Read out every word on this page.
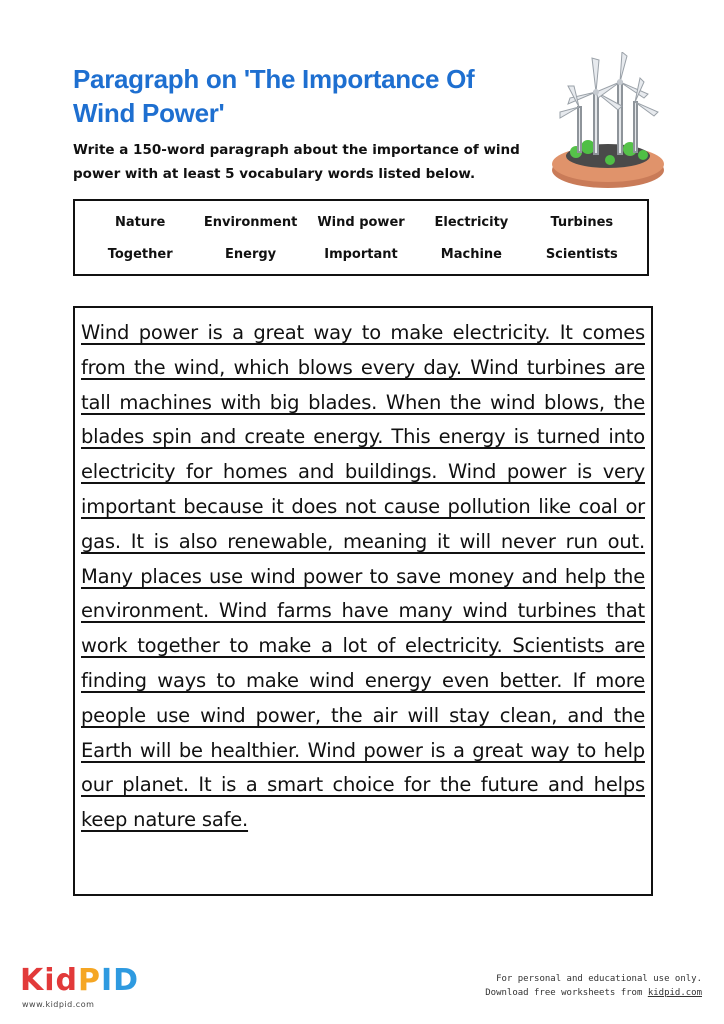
Paragraph on 'The Importance Of Wind Power'

Write a 150-word paragraph about the importance of wind power with at least 5 vocabulary words listed below.

Nature	Environment	Wind power	Electricity	Turbines
Together	Energy	Important	Machine	Scientists

Wind power is a great way to make electricity. It comes from the wind, which blows every day. Wind turbines are tall machines with big blades. When the wind blows, the blades spin and create energy. This energy is turned into electricity for homes and buildings. Wind power is very important because it does not cause pollution like coal or gas. It is also renewable, meaning it will never run out. Many places use wind power to save money and help the environment. Wind farms have many wind turbines that work together to make a lot of electricity. Scientists are finding ways to make wind energy even better. If more people use wind power, the air will stay clean, and the Earth will be healthier. Wind power is a great way to help our planet. It is a smart choice for the future and helps keep nature safe.

KidPID
www.kidpid.com
For personal and educational use only.
Download free worksheets from kidpid.com
